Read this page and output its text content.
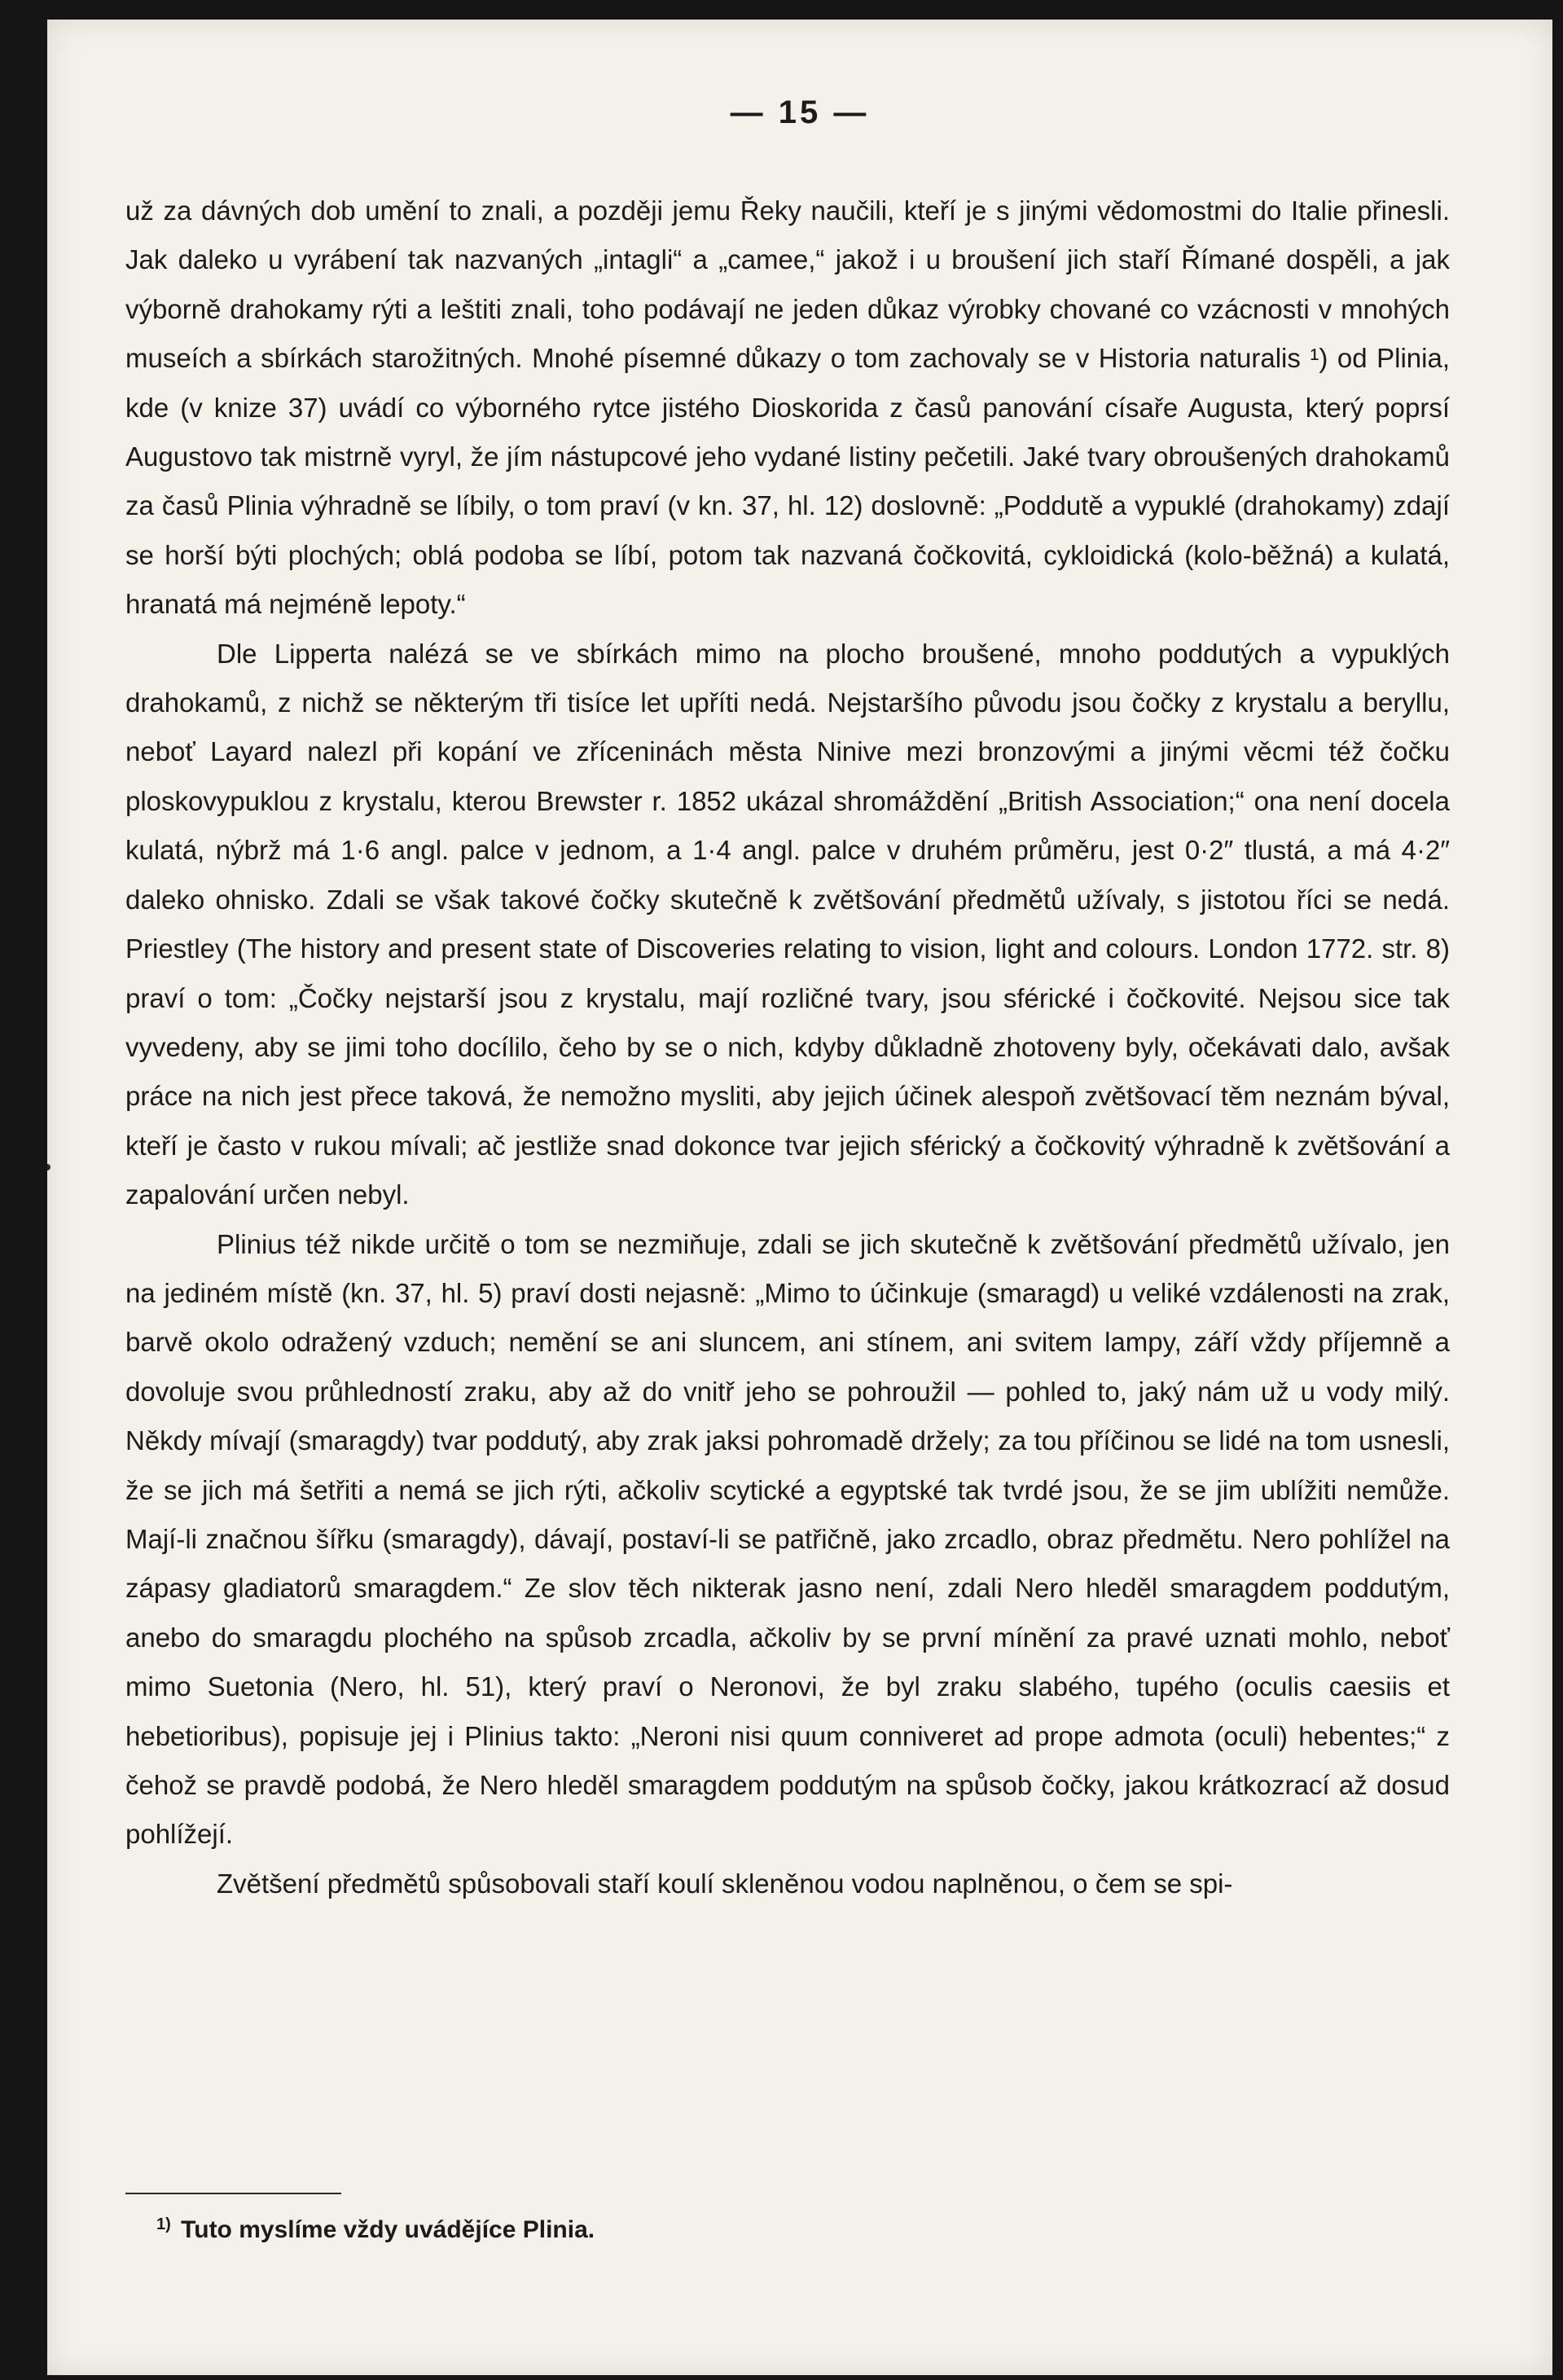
— 15 —

už za dávných dob umění to znali, a později jemu Řeky naučili, kteří je s jinými vědomostmi do Italie přinesli. Jak daleko u vyrábení tak nazvaných „intagli“ a „camee,“ jakož i u broušení jich staří Římané dospěli, a jak výborně drahokamy rýti a leštiti znali, toho podávají ne jeden důkaz výrobky chované co vzácnosti v mnohých museích a sbírkách starožitných. Mnohé písemné důkazy o tom zachovaly se v Historia naturalis ¹) od Plinia, kde (v knize 37) uvádí co výborného rytce jistého Dioskorida z časů panování císaře Augusta, který poprsí Augustovo tak mistrně vyryl, že jím nástupcové jeho vydané listiny pečetili. Jaké tvary obroušených drahokamů za časů Plinia výhradně se líbily, o tom praví (v kn. 37, hl. 12) doslovně: „Poddutě a vypuklé (drahokamy) zdají se horší býti plochých; oblá podoba se líbí, potom tak nazvaná čočkovitá, cykloidická (kolo-běžná) a kulatá, hranatá má nejméně lepoty.“

Dle Lipperta nalézá se ve sbírkách mimo na plocho broušené, mnoho poddutých a vypuklých drahokamů, z nichž se některým tři tisíce let upříti nedá. Nejstaršího původu jsou čočky z krystalu a beryllu, neboť Layard nalezl při kopání ve zříceninách města Ninive mezi bronzovými a jinými věcmi též čočku ploskovypuklou z krystalu, kterou Brewster r. 1852 ukázal shromáždění „British Association;“ ona není docela kulatá, nýbrž má 1·6 angl. palce v jednom, a 1·4 angl. palce v druhém průměru, jest 0·2″ tlustá, a má 4·2″ daleko ohnisko. Zdali se však takové čočky skutečně k zvětšování předmětů užívaly, s jistotou říci se nedá. Priestley (The history and present state of Discoveries relating to vision, light and colours. London 1772. str. 8) praví o tom: „Čočky nejstarší jsou z krystalu, mají rozličné tvary, jsou sférické i čočkovité. Nejsou sice tak vyvedeny, aby se jimi toho docílilo, čeho by se o nich, kdyby důkladně zhotoveny byly, očekávati dalo, avšak práce na nich jest přece taková, že nemožno mysliti, aby jejich účinek alespoň zvětšovací těm neznám býval, kteří je často v rukou mívali; ač jestliže snad dokonce tvar jejich sférický a čočkovitý výhradně k zvětšování a zapalování určen nebyl.

Plinius též nikde určitě o tom se nezmiňuje, zdali se jich skutečně k zvětšování předmětů užívalo, jen na jediném místě (kn. 37, hl. 5) praví dosti nejasně: „Mimo to účinkuje (smaragd) u veliké vzdálenosti na zrak, barvě okolo odražený vzduch; nemění se ani sluncem, ani stínem, ani svitem lampy, září vždy příjemně a dovoluje svou průhledností zraku, aby až do vnitř jeho se pohroužil — pohled to, jaký nám už u vody milý. Někdy mívají (smaragdy) tvar poddutý, aby zrak jaksi pohromadě držely; za tou příčinou se lidé na tom usnesli, že se jich má šetřiti a nemá se jich rýti, ačkoliv scytické a egyptské tak tvrdé jsou, že se jim ublížiti nemůže. Mají-li značnou šířku (smaragdy), dávají, postaví-li se patřičně, jako zrcadlo, obraz předmětu. Nero pohlížel na zápasy gladiatorů smaragdem.“ Ze slov těch nikterak jasno není, zdali Nero hleděl smaragdem poddutým, anebo do smaragdu plochého na spůsob zrcadla, ačkoliv by se první mínění za pravé uznati mohlo, neboť mimo Suetonia (Nero, hl. 51), který praví o Neronovi, že byl zraku slabého, tupého (oculis caesiis et hebetioribus), popisuje jej i Plinius takto: „Neroni nisi quum conniveret ad prope admota (oculi) hebentes;“ z čehož se pravdě podobá, že Nero hleděl smaragdem poddutým na spůsob čočky, jakou krátkozrací až dosud pohlížejí.

Zvětšení předmětů spůsobovali staří koulí skleněnou vodou naplněnou, o čem se spi-

$^{1)}$ Tuto myslíme vždy uvádějíce Plinia.
